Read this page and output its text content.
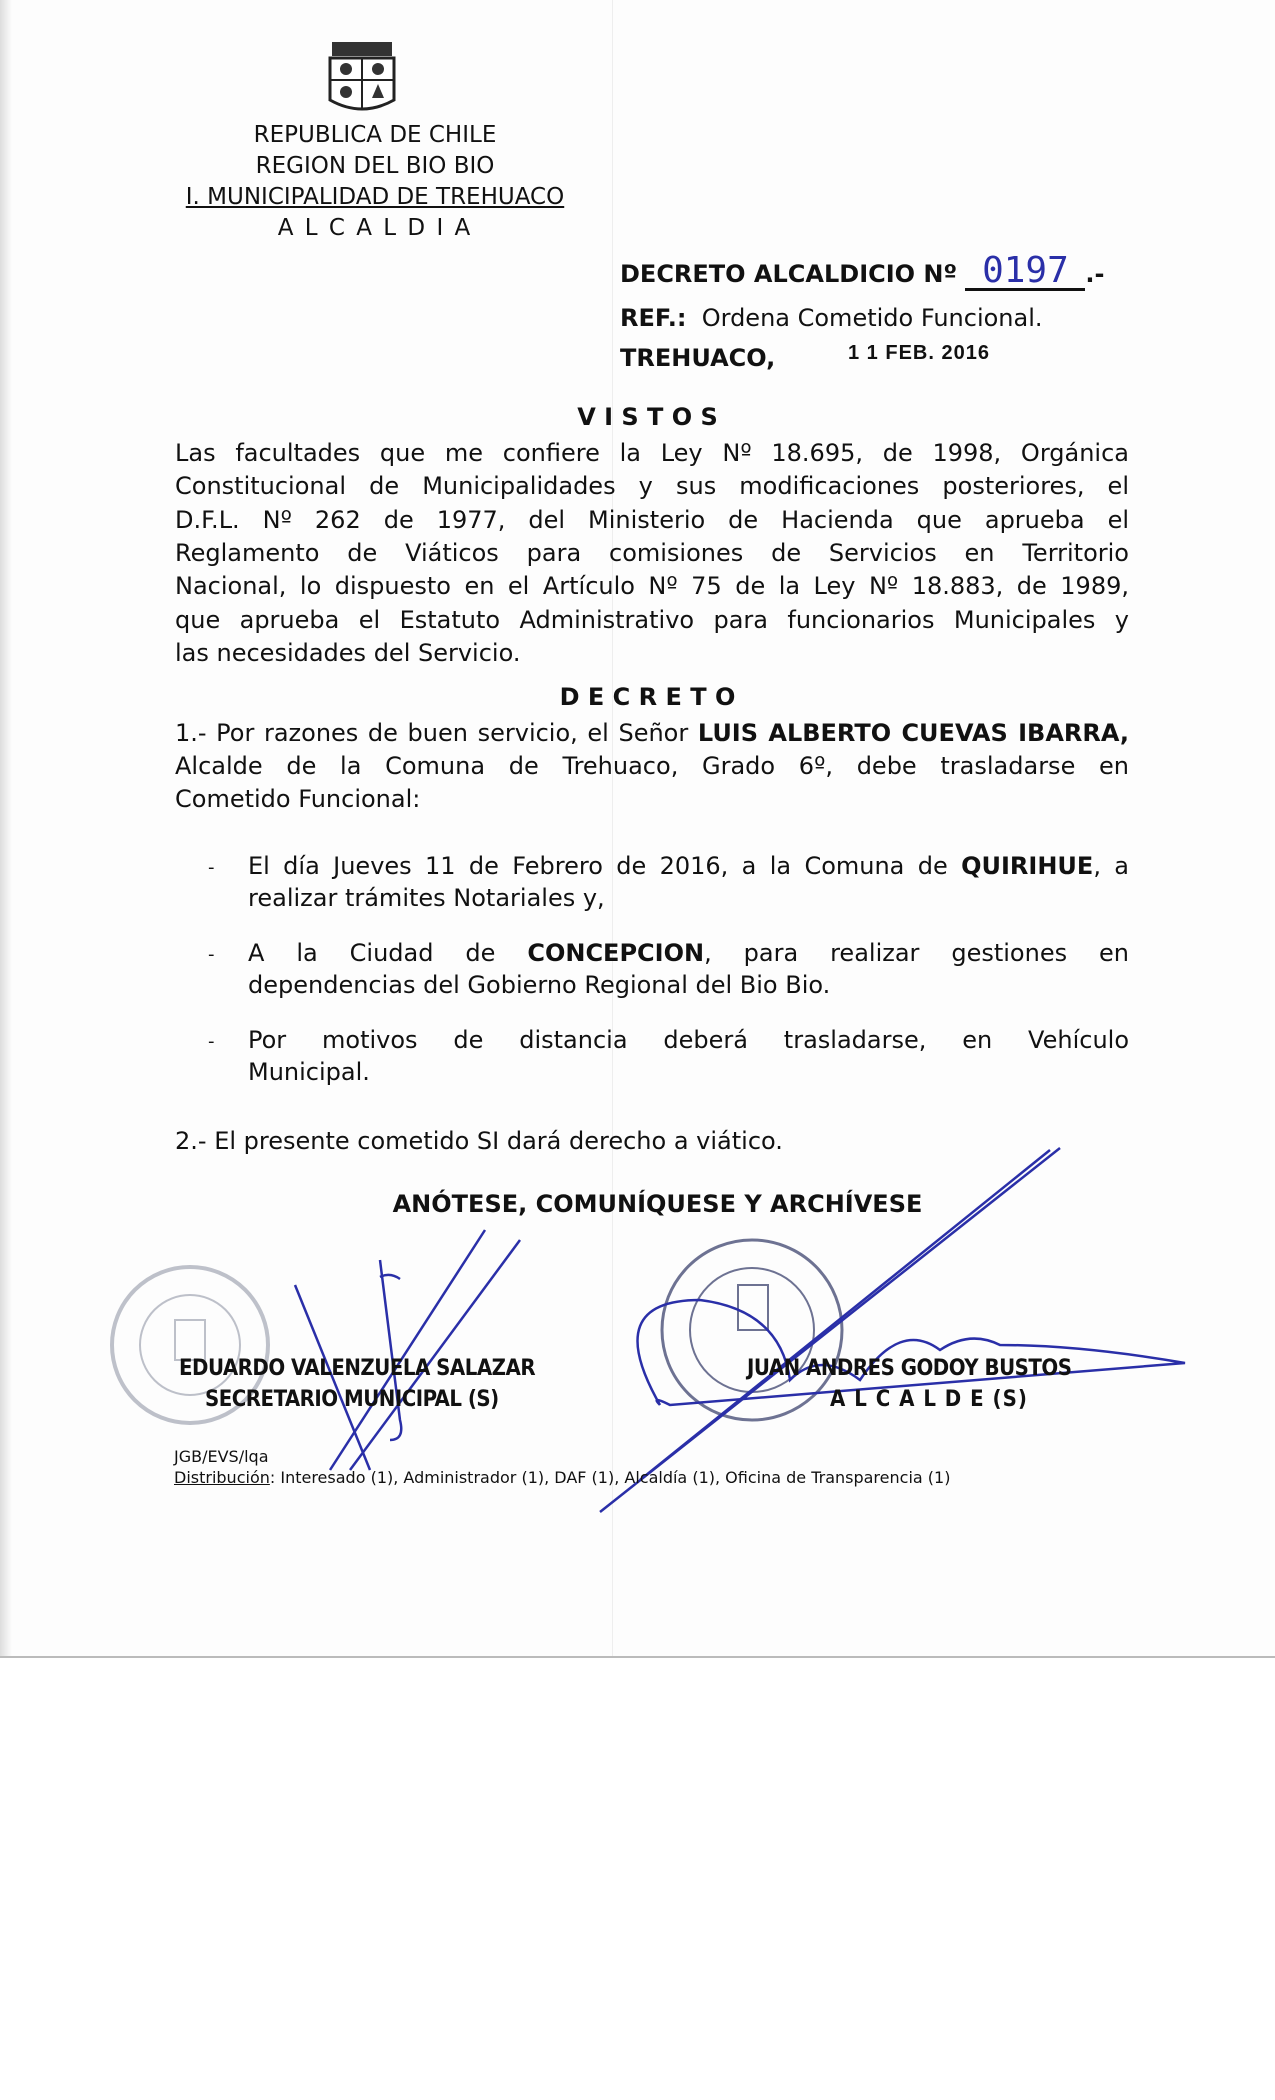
REPUBLICA DE CHILE
REGION DEL BIO BIO
I. MUNICIPALIDAD DE TREHUACO
A L C A L D I A
DECRETO ALCALDICIO Nº 0197 .-
REF.: Ordena Cometido Funcional.
TREHUACO,	1 1 FEB. 2016
V I S T O S
Las facultades que me confiere la Ley Nº 18.695, de 1998, Orgánica
Constitucional de Municipalidades y sus modificaciones posteriores, el
D.F.L. Nº 262 de 1977, del Ministerio de Hacienda que aprueba el
Reglamento de Viáticos para comisiones de Servicios en Territorio
Nacional, lo dispuesto en el Artículo Nº 75 de la Ley Nº 18.883, de 1989,
que aprueba el Estatuto Administrativo para funcionarios Municipales y
las necesidades del Servicio.
D E C R E T O
1.- Por razones de buen servicio, el Señor LUIS ALBERTO CUEVAS IBARRA,
Alcalde de la Comuna de Trehuaco, Grado 6º, debe trasladarse en
Cometido Funcional:
- El día Jueves 11 de Febrero de 2016, a la Comuna de QUIRIHUE, a
realizar trámites Notariales y,
- A la Ciudad de CONCEPCION, para realizar gestiones en
dependencias del Gobierno Regional del Bio Bio.
- Por motivos de distancia deberá trasladarse, en Vehículo
Municipal.
2.- El presente cometido SI dará derecho a viático.
ANÓTESE, COMUNÍQUESE Y ARCHÍVESE
EDUARDO VALENZUELA SALAZAR
SECRETARIO MUNICIPAL (S)
JUAN ANDRES GODOY BUSTOS
A L C A L D E (S)
JGB/EVS/lqa
Distribución: Interesado (1), Administrador (1), DAF (1), Alcaldía (1), Oficina de Transparencia (1)
